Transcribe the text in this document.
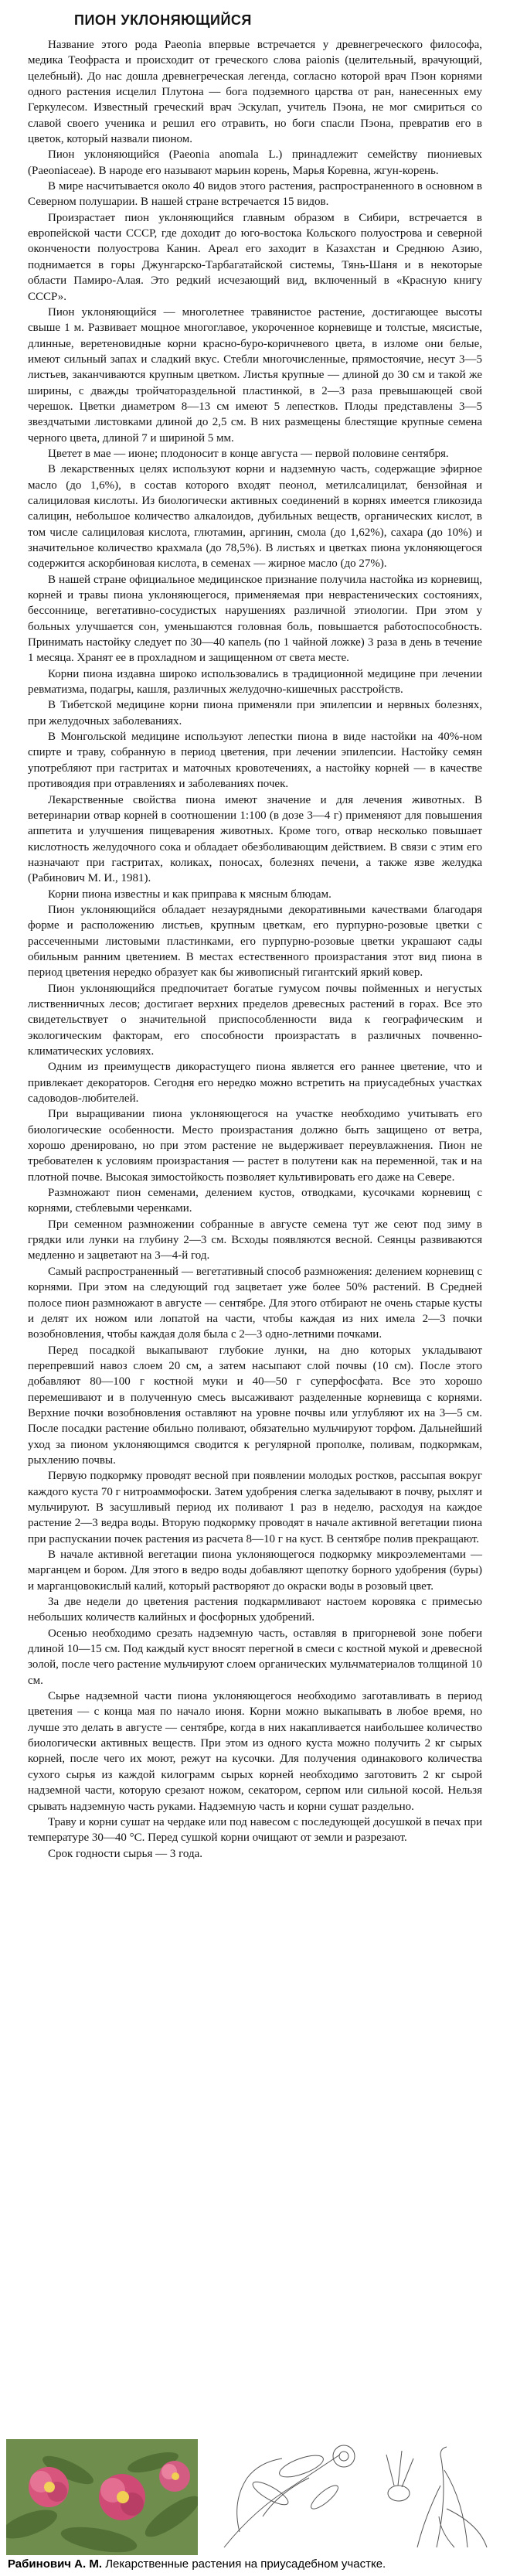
ПИОН УКЛОНЯЮЩИЙСЯ

Название этого рода Paeonia впервые встречается у древнегреческого философа, медика Теофраста и происходит от греческого слова paionis (целительный, врачующий, целебный). До нас дошла древнегреческая легенда, согласно которой врач Пэон корнями одного растения исцелил Плутона — бога подземного царства от ран, нанесенных ему Геркулесом. Известный греческий врач Эскулап, учитель Пэона, не мог смириться со славой своего ученика и решил его отравить, но боги спасли Пэона, превратив его в цветок, который назвали пионом.

Пион уклоняющийся (Paeonia anomala L.) принадлежит семейству пиониевых (Paeoniaceae). В народе его называют марьин корень, Марья Коревна, жгун-корень.

В мире насчитывается около 40 видов этого растения, распространенного в основном в Северном полушарии. В нашей стране встречается 15 видов.

Произрастает пион уклоняющийся главным образом в Сибири, встречается в европейской части СССР, где доходит до юго-востока Кольского полуострова и северной окончености полуострова Канин. Ареал его заходит в Казахстан и Среднюю Азию, поднимается в горы Джунгарско-Тарбагатайской системы, Тянь-Шаня и в некоторые области Памиро-Алая. Это редкий исчезающий вид, включенный в «Красную книгу СССР».

Пион уклоняющийся — многолетнее травянистое растение, достигающее высоты свыше 1 м. Развивает мощное многоглавое, укороченное корневище и толстые, мясистые, длинные, веретеновидные корни красно-буро-коричневого цвета, в изломе они белые, имеют сильный запах и сладкий вкус. Стебли многочисленные, прямостоячие, несут 3—5 листьев, заканчиваются крупным цветком. Листья крупные — длиной до 30 см и такой же ширины, с дважды тройчатораздельной пластинкой, в 2—3 раза превышающей свой черешок. Цветки диаметром 8—13 см имеют 5 лепестков. Плоды представлены 3—5 звездчатыми листовками длиной до 2,5 см. В них размещены блестящие крупные семена черного цвета, длиной 7 и шириной 5 мм.

Цветет в мае — июне; плодоносит в конце августа — первой половине сентября.

В лекарственных целях используют корни и надземную часть, содержащие эфирное масло (до 1,6%), в состав которого входят пеонол, метилсалицилат, бензойная и салициловая кислоты. Из биологически активных соединений в корнях имеется гликозида салицин, небольшое количество алкалоидов, дубильных веществ, органических кислот, в том числе салициловая кислота, глютамин, аргинин, смола (до 1,62%), сахара (до 10%) и значительное количество крахмала (до 78,5%). В листьях и цветках пиона уклоняющегося содержится аскорбиновая кислота, в семенах — жирное масло (до 27%).

В нашей стране официальное медицинское признание получила настойка из корневищ, корней и травы пиона уклоняющегося, применяемая при неврастенических состояниях, бессоннице, вегетативно-сосудистых нарушениях различной этиологии. При этом у больных улучшается сон, уменьшаются головная боль, повышается работоспособность. Принимать настойку следует по 30—40 капель (по 1 чайной ложке) 3 раза в день в течение 1 месяца. Хранят ее в прохладном и защищенном от света месте.

Корни пиона издавна широко использовались в традиционной медицине при лечении ревматизма, подагры, кашля, различных желудочно-кишечных расстройств.

В Тибетской медицине корни пиона применяли при эпилепсии и нервных болезнях, при желудочных заболеваниях.

В Монгольской медицине используют лепестки пиона в виде настойки на 40%-ном спирте и траву, собранную в период цветения, при лечении эпилепсии. Настойку семян употребляют при гастритах и маточных кровотечениях, а настойку корней — в качестве противоядия при отравлениях и заболеваниях почек.

Лекарственные свойства пиона имеют значение и для лечения животных. В ветеринарии отвар корней в соотношении 1:100 (в дозе 3—4 г) применяют для повышения аппетита и улучшения пищеварения животных. Кроме того, отвар несколько повышает кислотность желудочного сока и обладает обезболивающим действием. В связи с этим его назначают при гастритах, коликах, поносах, болезнях печени, а также язве желудка (Рабинович М. И., 1981).

Корни пиона известны и как приправа к мясным блюдам.

Пион уклоняющийся обладает незаурядными декоративными качествами благодаря форме и расположению листьев, крупным цветкам, его пурпурно-розовые цветки с рассеченными листовыми пластинками, его пурпурно-розовые цветки украшают сады обильным ранним цветением. В местах естественного произрастания этот вид пиона в период цветения нередко образует как бы живописный гигантский яркий ковер.

Пион уклоняющийся предпочитает богатые гумусом почвы пойменных и негустых лиственничных лесов; достигает верхних пределов древесных растений в горах. Все это свидетельствует о значительной приспособленности вида к географическим и экологическим факторам, его способности произрастать в различных почвенно-климатических условиях.

Одним из преимуществ дикорастущего пиона является его раннее цветение, что и привлекает декораторов. Сегодня его нередко можно встретить на приусадебных участках садоводов-любителей.

При выращивании пиона уклоняющегося на участке необходимо учитывать его биологические особенности. Место произрастания должно быть защищено от ветра, хорошо дренировано, но при этом растение не выдерживает переувлажнения. Пион не требователен к условиям произрастания — растет в полутени как на переменной, так и на плотной почве. Высокая зимостойкость позволяет культивировать его даже на Севере.

Размножают пион семенами, делением кустов, отводками, кусочками корневищ с корнями, стеблевыми черенками.

При семенном размножении собранные в августе семена тут же сеют под зиму в грядки или лунки на глубину 2—3 см. Всходы появляются весной. Сеянцы развиваются медленно и зацветают на 3—4-й год.

Самый распространенный — вегетативный способ размножения: делением корневищ с корнями. При этом на следующий год зацветает уже более 50% растений. В Средней полосе пион размножают в августе — сентябре. Для этого отбирают не очень старые кусты и делят их ножом или лопатой на части, чтобы каждая из них имела 2—3 почки возобновления, чтобы каждая доля была с 2—3 одно-летними почками.

Перед посадкой выкапывают глубокие лунки, на дно которых укладывают перепревший навоз слоем 20 см, а затем насыпают слой почвы (10 см). После этого добавляют 80—100 г костной муки и 40—50 г суперфосфата. Все это хорошо перемешивают и в полученную смесь высаживают разделенные корневища с корнями. Верхние почки возобновления оставляют на уровне почвы или углубляют их на 3—5 см. После посадки растение обильно поливают, обязательно мульчируют торфом. Дальнейший уход за пионом уклоняющимся сводится к регулярной прополке, поливам, подкормкам, рыхлению почвы.

Первую подкормку проводят весной при появлении молодых ростков, рассыпая вокруг каждого куста 70 г нитроаммофоски. Затем удобрения слегка заделывают в почву, рыхлят и мульчируют. В засушливый период их поливают 1 раз в неделю, расходуя на каждое растение 2—3 ведра воды. Вторую подкормку проводят в начале активной вегетации пиона при распускании почек растения из расчета 8—10 г на куст. В сентябре полив прекращают.

В начале активной вегетации пиона уклоняющегося подкормку микроэлементами — марганцем и бором. Для этого в ведро воды добавляют щепотку борного удобрения (буры) и марганцовокислый калий, который растворяют до окраски воды в розовый цвет.

За две недели до цветения растения подкармливают настоем коровяка с примесью небольших количеств калийных и фосфорных удобрений.

Осенью необходимо срезать надземную часть, оставляя в пригорневой зоне побеги длиной 10—15 см. Под каждый куст вносят перегной в смеси с костной мукой и древесной золой, после чего растение мульчируют слоем органических мульчматериалов толщиной 10 см.

Сырье надземной части пиона уклоняющегося необходимо заготавливать в период цветения — с конца мая по начало июня. Корни можно выкапывать в любое время, но лучше это делать в августе — сентябре, когда в них накапливается наибольшее количество биологически активных веществ. При этом из одного куста можно получить 2 кг сырых корней, после чего их моют, режут на кусочки. Для получения одинакового количества сухого сырья из каждой килограмм сырых корней необходимо заготовить 2 кг сырой надземной части, которую срезают ножом, секатором, серпом или сильной косой. Нельзя срывать надземную часть руками. Надземную часть и корни сушат раздельно.

Траву и корни сушат на чердаке или под навесом с последующей досушкой в печах при температуре 30—40 °С. Перед сушкой корни очищают от земли и разрезают.

Срок годности сырья — 3 года.

Рабинович А. М. Лекарственные растения на приусадебном участке.
